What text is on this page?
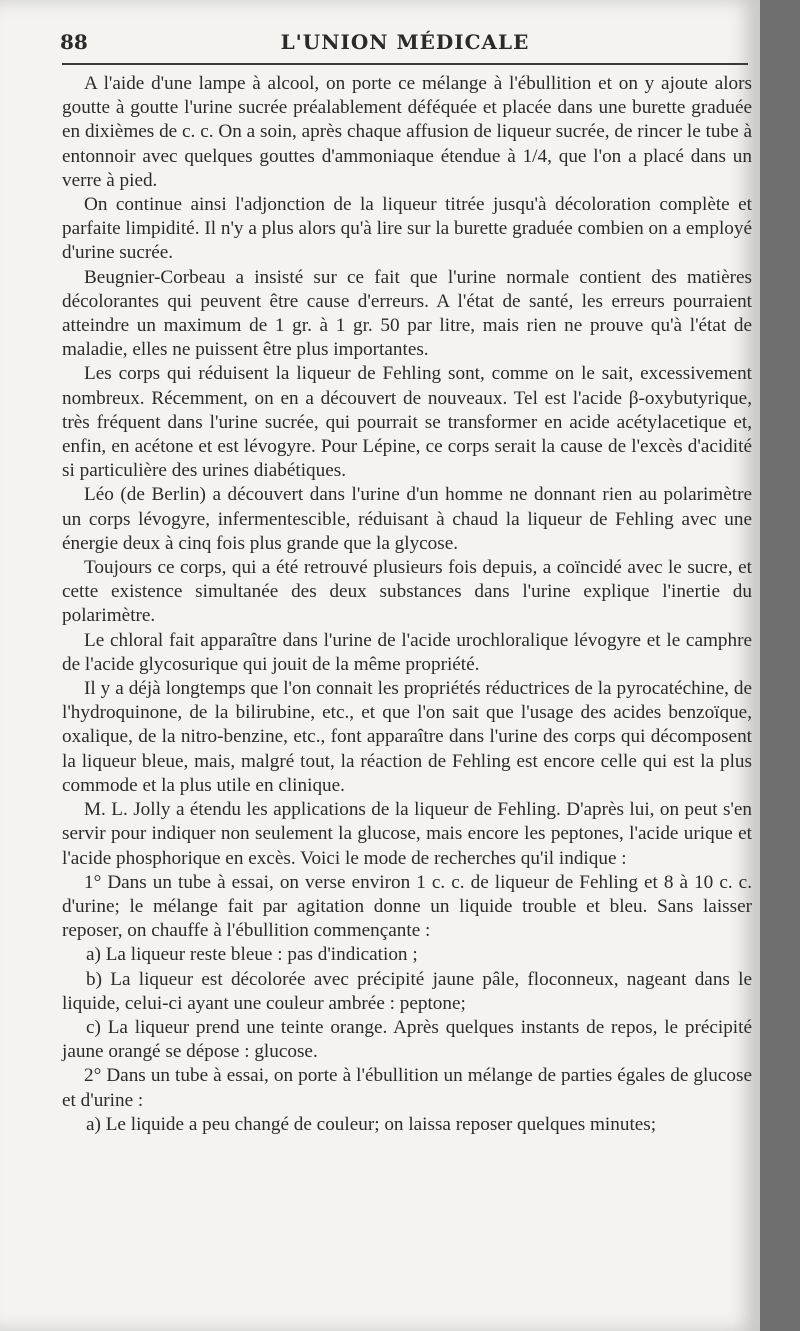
88	L'UNION MÉDICALE

A l'aide d'une lampe à alcool, on porte ce mélange à l'ébullition et on y ajoute alors goutte à goutte l'urine sucrée préalablement déféquée et placée dans une burette graduée en dixièmes de c. c. On a soin, après chaque affusion de liqueur sucrée, de rincer le tube à entonnoir avec quelques gouttes d'ammoniaque étendue à 1/4, que l'on a placé dans un verre à pied.

On continue ainsi l'adjonction de la liqueur titrée jusqu'à décoloration complète et parfaite limpidité. Il n'y a plus alors qu'à lire sur la burette graduée combien on a employé d'urine sucrée.

Beugnier-Corbeau a insisté sur ce fait que l'urine normale contient des matières décolorantes qui peuvent être cause d'erreurs. A l'état de santé, les erreurs pourraient atteindre un maximum de 1 gr. à 1 gr. 50 par litre, mais rien ne prouve qu'à l'état de maladie, elles ne puissent être plus importantes.

Les corps qui réduisent la liqueur de Fehling sont, comme on le sait, excessivement nombreux. Récemment, on en a découvert de nouveaux. Tel est l'acide β-oxybutyrique, très fréquent dans l'urine sucrée, qui pourrait se transformer en acide acétylacetique et, enfin, en acétone et est lévogyre. Pour Lépine, ce corps serait la cause de l'excès d'acidité si particulière des urines diabétiques.

Léo (de Berlin) a découvert dans l'urine d'un homme ne donnant rien au polarimètre un corps lévogyre, infermentescible, réduisant à chaud la liqueur de Fehling avec une énergie deux à cinq fois plus grande que la glycose.

Toujours ce corps, qui a été retrouvé plusieurs fois depuis, a coïncidé avec le sucre, et cette existence simultanée des deux substances dans l'urine explique l'inertie du polarimètre.

Le chloral fait apparaître dans l'urine de l'acide urochloralique lévogyre et le camphre de l'acide glycosurique qui jouit de la même propriété.

Il y a déjà longtemps que l'on connait les propriétés réductrices de la pyrocatéchine, de l'hydroquinone, de la bilirubine, etc., et que l'on sait que l'usage des acides benzoïque, oxalique, de la nitro-benzine, etc., font apparaître dans l'urine des corps qui décomposent la liqueur bleue, mais, malgré tout, la réaction de Fehling est encore celle qui est la plus commode et la plus utile en clinique.

M. L. Jolly a étendu les applications de la liqueur de Fehling. D'après lui, on peut s'en servir pour indiquer non seulement la glucose, mais encore les peptones, l'acide urique et l'acide phosphorique en excès. Voici le mode de recherches qu'il indique :

1° Dans un tube à essai, on verse environ 1 c. c. de liqueur de Fehling et 8 à 10 c. c. d'urine; le mélange fait par agitation donne un liquide trouble et bleu. Sans laisser reposer, on chauffe à l'ébullition commençante :

a) La liqueur reste bleue : pas d'indication ;

b) La liqueur est décolorée avec précipité jaune pâle, floconneux, nageant dans le liquide, celui-ci ayant une couleur ambrée : peptone;

c) La liqueur prend une teinte orange. Après quelques instants de repos, le précipité jaune orangé se dépose : glucose.

2° Dans un tube à essai, on porte à l'ébullition un mélange de parties égales de glucose et d'urine :

a) Le liquide a peu changé de couleur; on laissa reposer quelques minutes;
